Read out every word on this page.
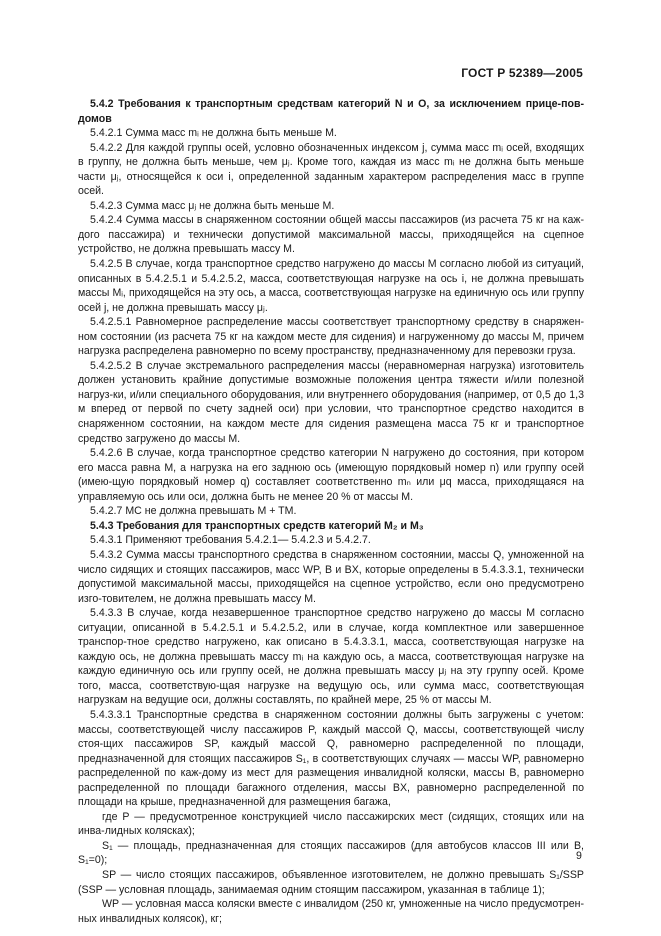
ГОСТ Р 52389—2005

5.4.2 Требования к транспортным средствам категорий N и O, за исключением прице-пов-домов

5.4.2.1 Сумма масс mᵢ не должна быть меньше M.

5.4.2.2 Для каждой группы осей, условно обозначенных индексом j, сумма масс mᵢ осей, входящих в группу, не должна быть меньше, чем μⱼ. Кроме того, каждая из масс mᵢ не должна быть меньше части μⱼ, относящейся к оси i, определенной заданным характером распределения масс в группе осей.

5.4.2.3 Сумма масс μⱼ не должна быть меньше M.

5.4.2.4 Сумма массы в снаряженном состоянии общей массы пассажиров (из расчета 75 кг на каж-дого пассажира) и технически допустимой максимальной массы, приходящейся на сцепное устройство, не должна превышать массу M.

5.4.2.5 В случае, когда транспортное средство нагружено до массы M согласно любой из ситуаций, описанных в 5.4.2.5.1 и 5.4.2.5.2, масса, соответствующая нагрузке на ось i, не должна превышать массы Mᵢ, приходящейся на эту ось, а масса, соответствующая нагрузке на единичную ось или группу осей j, не должна превышать массу μⱼ.

5.4.2.5.1 Равномерное распределение массы соответствует транспортному средству в снаряжен-ном состоянии (из расчета 75 кг на каждом месте для сидения) и нагруженному до массы M, причем нагрузка распределена равномерно по всему пространству, предназначенному для перевозки груза.

5.4.2.5.2 В случае экстремального распределения массы (неравномерная нагрузка) изготовитель должен установить крайние допустимые возможные положения центра тяжести и/или полезной нагруз-ки, и/или специального оборудования, или внутреннего оборудования (например, от 0,5 до 1,3 м вперед от первой по счету задней оси) при условии, что транспортное средство находится в снаряженном состоянии, на каждом месте для сидения размещена масса 75 кг и транспортное средство загружено до массы M.

5.4.2.6 В случае, когда транспортное средство категории N нагружено до состояния, при котором его масса равна M, а нагрузка на его заднюю ось (имеющую порядковый номер n) или группу осей (имею-щую порядковый номер q) составляет соответственно mₙ или μq масса, приходящаяся на управляемую ось или оси, должна быть не менее 20 % от массы M.

5.4.2.7 MC не должна превышать M + TM.

5.4.3 Требования для транспортных средств категорий M₂ и M₃

5.4.3.1 Применяют требования 5.4.2.1— 5.4.2.3 и 5.4.2.7.

5.4.3.2 Сумма массы транспортного средства в снаряженном состоянии, массы Q, умноженной на число сидящих и стоящих пассажиров, масс WP, B и BX, которые определены в 5.4.3.3.1, технически допустимой максимальной массы, приходящейся на сцепное устройство, если оно предусмотрено изго-товителем, не должна превышать массу M.

5.4.3.3 В случае, когда незавершенное транспортное средство нагружено до массы M согласно ситуации, описанной в 5.4.2.5.1 и 5.4.2.5.2, или в случае, когда комплектное или завершенное транспор-тное средство нагружено, как описано в 5.4.3.3.1, масса, соответствующая нагрузке на каждую ось, не должна превышать массу mᵢ на каждую ось, а масса, соответствующая нагрузке на каждую единичную ось или группу осей, не должна превышать массу μⱼ на эту группу осей. Кроме того, масса, соответствую-щая нагрузке на ведущую ось, или сумма масс, соответствующая нагрузкам на ведущие оси, должны составлять, по крайней мере, 25 % от массы M.

5.4.3.3.1 Транспортные средства в снаряженном состоянии должны быть загружены с учетом: массы, соответствующей числу пассажиров P, каждый массой Q, массы, соответствующей числу стоя-щих пассажиров SP, каждый массой Q, равномерно распределенной по площади, предназначенной для стоящих пассажиров S₁, в соответствующих случаях — массы WP, равномерно распределенной по каж-дому из мест для размещения инвалидной коляски, массы B, равномерно распределенной по площади багажного отделения, массы BX, равномерно распределенной по площади на крыше, предназначенной для размещения багажа,

где P — предусмотренное конструкцией число пассажирских мест (сидящих, стоящих или на инва-лидных колясках);

S₁ — площадь, предназначенная для стоящих пассажиров (для автобусов классов III или B, S₁=0);

SP — число стоящих пассажиров, объявленное изготовителем, не должно превышать S₁/SSP (SSP — условная площадь, занимаемая одним стоящим пассажиром, указанная в таблице 1);

WP — условная масса коляски вместе с инвалидом (250 кг, умноженные на число предусмотрен-ных инвалидных колясок), кг;

9
